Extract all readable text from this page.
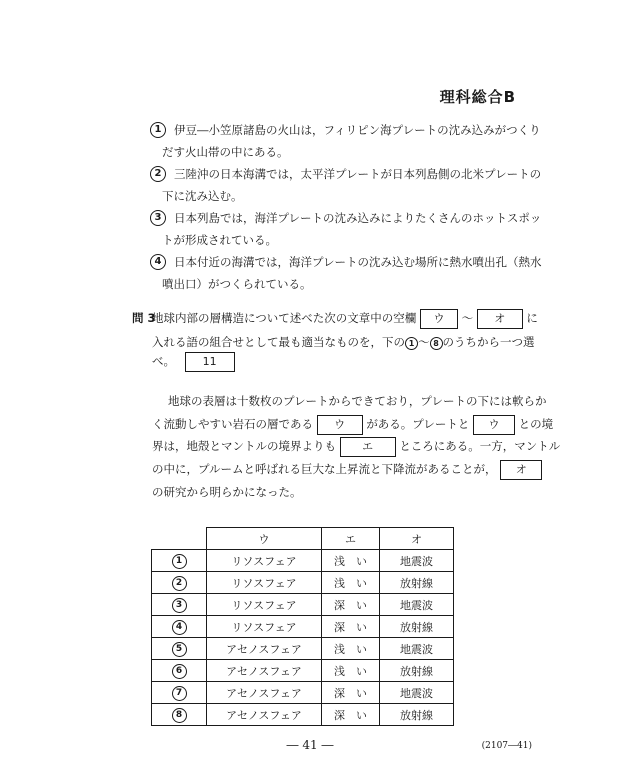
理科総合B
1	伊豆―小笠原諸島の火山は，フィリピン海プレートの沈み込みがつくり
だす火山帯の中にある。
2	三陸沖の日本海溝では，太平洋プレートが日本列島側の北米プレートの
下に沈み込む。
3	日本列島では，海洋プレートの沈み込みによりたくさんのホットスポッ
トが形成されている。
4	日本付近の海溝では，海洋プレートの沈み込む場所に熱水噴出孔（熱水
噴出口）がつくられている。
問 3
地球内部の層構造について述べた次の文章中の空欄 ウ ～ オ に
入れる語の組合せとして最も適当なものを，下の 1 ～ 8 のうちから一つ選
べ。	11
地球の表層は十数枚のプレートからできており，プレートの下には軟らか
く流動しやすい岩石の層である ウ がある。プレートと ウ との境
界は，地殻とマントルの境界よりも エ ところにある。一方，マントル
の中に，プルームと呼ばれる巨大な上昇流と下降流があることが， オ
の研究から明らかになった。
	ウ	エ	オ
1	リソスフェア	浅　い	地震波
2	リソスフェア	浅　い	放射線
3	リソスフェア	深　い	地震波
4	リソスフェア	深　い	放射線
5	アセノスフェア	浅　い	地震波
6	アセノスフェア	浅　い	放射線
7	アセノスフェア	深　い	地震波
8	アセノスフェア	深　い	放射線
― 41 ―	(2107―41)
